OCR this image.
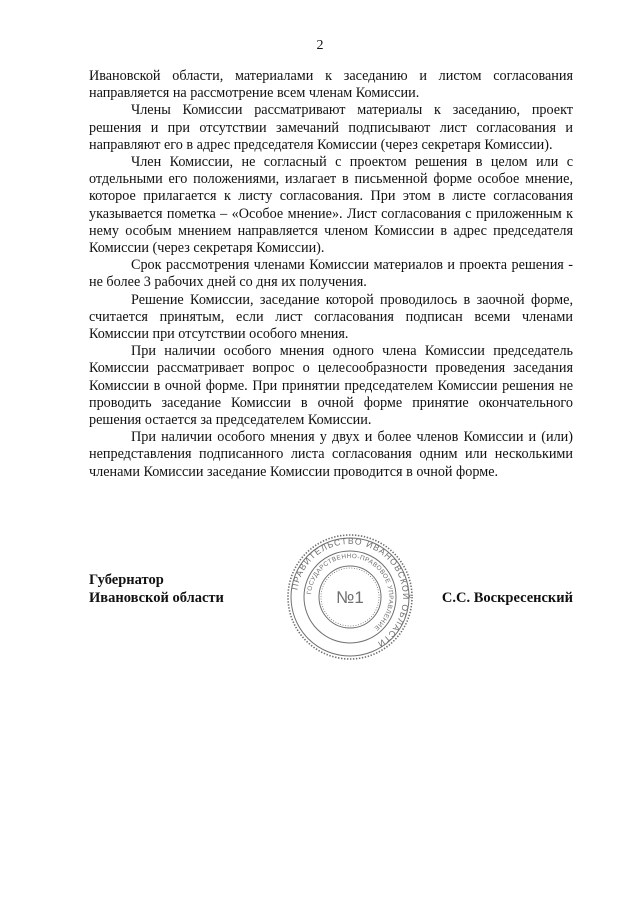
2

Ивановской области, материалами к заседанию и листом согласования направляется на рассмотрение всем членам Комиссии.

Члены Комиссии рассматривают материалы к заседанию, проект решения и при отсутствии замечаний подписывают лист согласования и направляют его в адрес председателя Комиссии (через секретаря Комиссии).

Член Комиссии, не согласный с проектом решения в целом или с отдельными его положениями, излагает в письменной форме особое мнение, которое прилагается к листу согласования. При этом в листе согласования указывается пометка – «Особое мнение». Лист согласования с приложенным к нему особым мнением направляется членом Комиссии в адрес председателя Комиссии (через секретаря Комиссии).

Срок рассмотрения членами Комиссии материалов и проекта решения - не более 3 рабочих дней со дня их получения.

Решение Комиссии, заседание которой проводилось в заочной форме, считается принятым, если лист согласования подписан всеми членами Комиссии при отсутствии особого мнения.

При наличии особого мнения одного члена Комиссии председатель Комиссии рассматривает вопрос о целесообразности проведения заседания Комиссии в очной форме. При принятии председателем Комиссии решения не проводить заседание Комиссии в очной форме принятие окончательного решения остается за председателем Комиссии.

При наличии особого мнения у двух и более членов Комиссии и (или) непредставления подписанного листа согласования одним или несколькими членами Комиссии заседание Комиссии проводится в очной форме.

Губернатор
Ивановской области
ПРАВИТЕЛЬСТВО ИВАНОВСКОЙ ОБЛАСТИ
ГОСУДАРСТВЕННО-ПРАВОВОЕ УПРАВЛЕНИЕ
№1	С.С. Воскресенский
